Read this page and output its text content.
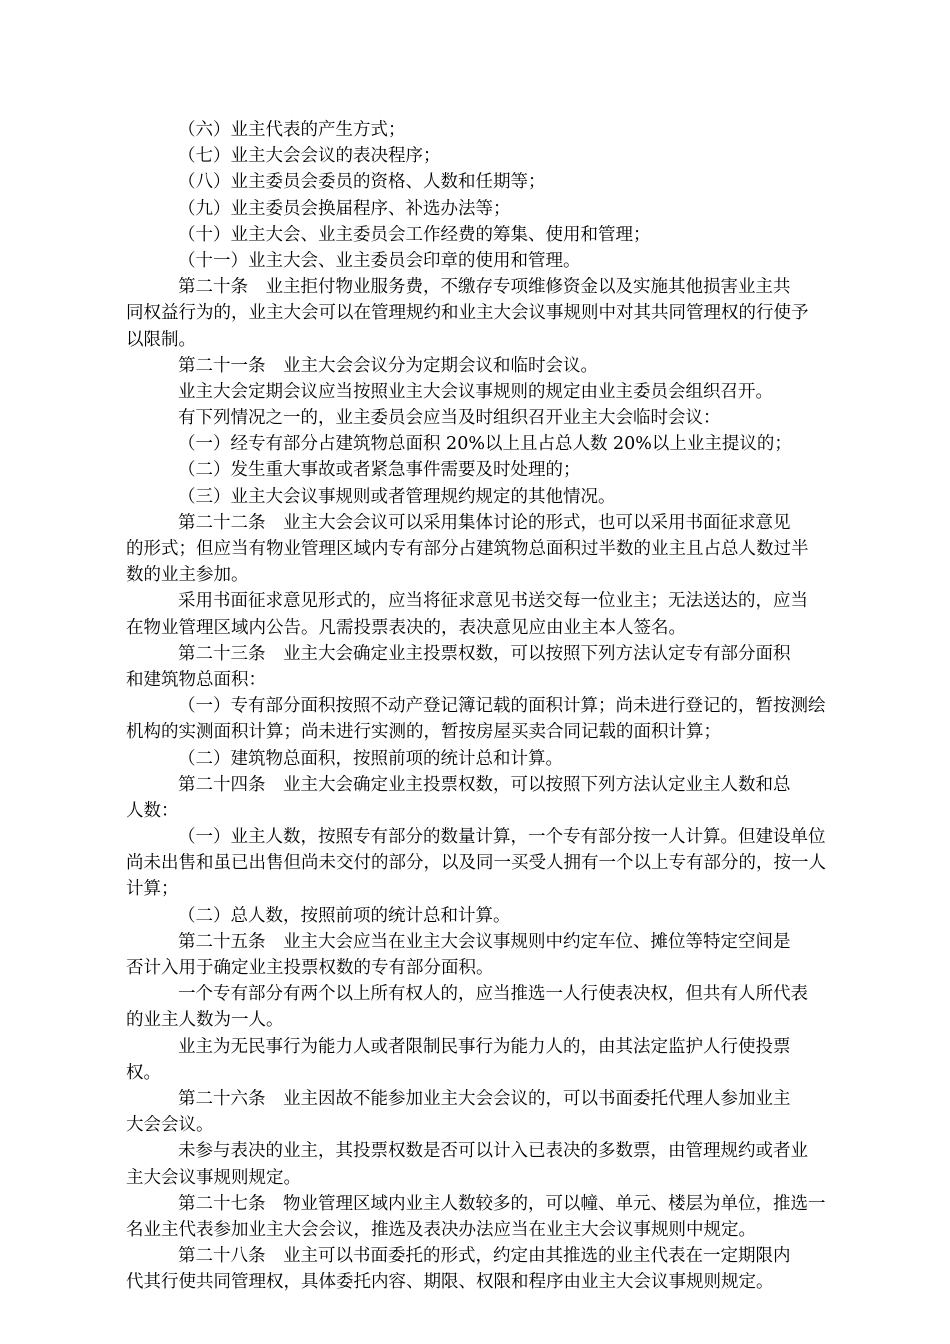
（六）业主代表的产生方式；
（七）业主大会会议的表决程序；
（八）业主委员会委员的资格、人数和任期等；
（九）业主委员会换届程序、补选办法等；
（十）业主大会、业主委员会工作经费的筹集、使用和管理；
（十一）业主大会、业主委员会印章的使用和管理。
第二十条　业主拒付物业服务费，不缴存专项维修资金以及实施其他损害业主共
同权益行为的，业主大会可以在管理规约和业主大会议事规则中对其共同管理权的行使予
以限制。
第二十一条　业主大会会议分为定期会议和临时会议。
业主大会定期会议应当按照业主大会议事规则的规定由业主委员会组织召开。
有下列情况之一的，业主委员会应当及时组织召开业主大会临时会议：
（一）经专有部分占建筑物总面积 20%以上且占总人数 20%以上业主提议的；
（二）发生重大事故或者紧急事件需要及时处理的；
（三）业主大会议事规则或者管理规约规定的其他情况。
第二十二条　业主大会会议可以采用集体讨论的形式，也可以采用书面征求意见
的形式；但应当有物业管理区域内专有部分占建筑物总面积过半数的业主且占总人数过半
数的业主参加。
采用书面征求意见形式的，应当将征求意见书送交每一位业主；无法送达的，应当
在物业管理区域内公告。凡需投票表决的，表决意见应由业主本人签名。
第二十三条　业主大会确定业主投票权数，可以按照下列方法认定专有部分面积
和建筑物总面积：
（一）专有部分面积按照不动产登记簿记载的面积计算；尚未进行登记的，暂按测绘
机构的实测面积计算；尚未进行实测的，暂按房屋买卖合同记载的面积计算；
（二）建筑物总面积，按照前项的统计总和计算。
第二十四条　业主大会确定业主投票权数，可以按照下列方法认定业主人数和总
人数：
（一）业主人数，按照专有部分的数量计算，一个专有部分按一人计算。但建设单位
尚未出售和虽已出售但尚未交付的部分，以及同一买受人拥有一个以上专有部分的，按一人
计算；
（二）总人数，按照前项的统计总和计算。
第二十五条　业主大会应当在业主大会议事规则中约定车位、摊位等特定空间是
否计入用于确定业主投票权数的专有部分面积。
一个专有部分有两个以上所有权人的，应当推选一人行使表决权，但共有人所代表
的业主人数为一人。
业主为无民事行为能力人或者限制民事行为能力人的，由其法定监护人行使投票
权。
第二十六条　业主因故不能参加业主大会会议的，可以书面委托代理人参加业主
大会会议。
未参与表决的业主，其投票权数是否可以计入已表决的多数票，由管理规约或者业
主大会议事规则规定。
第二十七条　物业管理区域内业主人数较多的，可以幢、单元、楼层为单位，推选一
名业主代表参加业主大会会议，推选及表决办法应当在业主大会议事规则中规定。
第二十八条　业主可以书面委托的形式，约定由其推选的业主代表在一定期限内
代其行使共同管理权，具体委托内容、期限、权限和程序由业主大会议事规则规定。
